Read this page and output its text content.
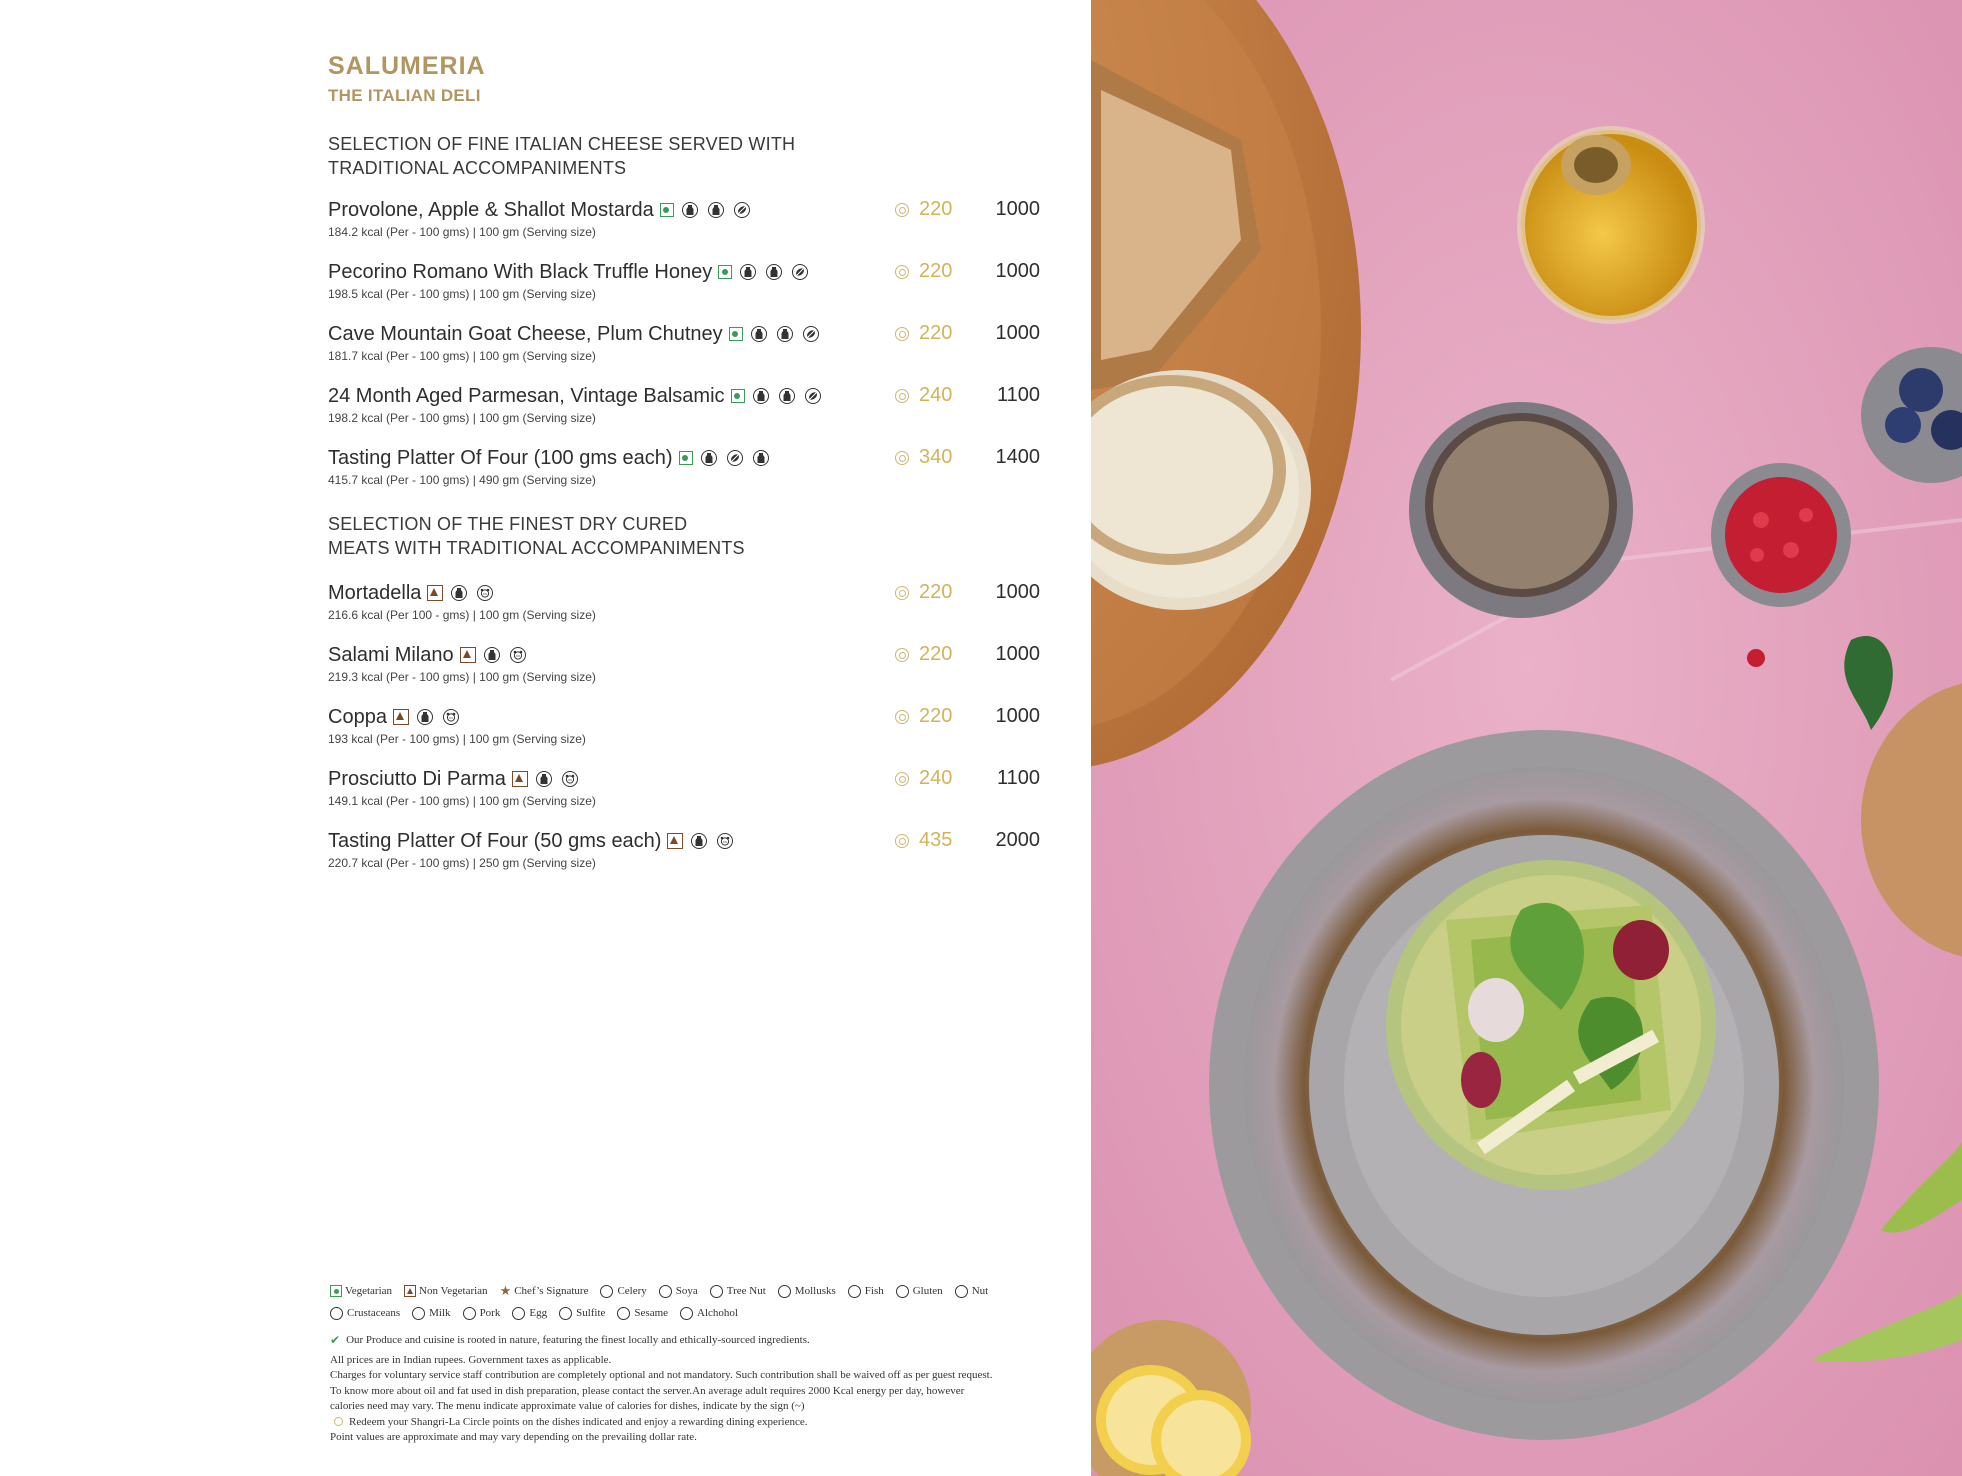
SALUMERIA
THE ITALIAN DELI
SELECTION OF FINE ITALIAN CHEESE SERVED WITH
TRADITIONAL ACCOMPANIMENTS
Provolone, Apple & Shallot Mostarda
184.2 kcal (Per - 100 gms) | 100 gm (Serving size)
220 1000
Pecorino Romano With Black Truffle Honey
198.5 kcal (Per - 100 gms) | 100 gm (Serving size)
220 1000
Cave Mountain Goat Cheese, Plum Chutney
181.7 kcal (Per - 100 gms) | 100 gm (Serving size)
220 1000
24 Month Aged Parmesan, Vintage Balsamic
198.2 kcal (Per - 100 gms) | 100 gm (Serving size)
240 1100
Tasting Platter Of Four (100 gms each)
415.7 kcal (Per - 100 gms) | 490 gm (Serving size)
340 1400
SELECTION OF THE FINEST DRY CURED
MEATS WITH TRADITIONAL ACCOMPANIMENTS
Mortadella
216.6 kcal (Per 100 - gms) | 100 gm (Serving size)
220 1000
Salami Milano
219.3 kcal (Per - 100 gms) | 100 gm (Serving size)
220 1000
Coppa
193 kcal (Per - 100 gms) | 100 gm (Serving size)
220 1000
Prosciutto Di Parma
149.1 kcal (Per - 100 gms) | 100 gm (Serving size)
240 1100
Tasting Platter Of Four (50 gms each)
220.7 kcal (Per - 100 gms) | 250 gm (Serving size)
435 2000
Vegetarian Non Vegetarian ★ Chef’s Signature	Celery	Soya	Tree Nut	Mollusks	Fish	Gluten	Nut
Crustaceans	Milk	Pork	Egg	Sulfite	Sesame	Alchohol

✔ Our Produce and cuisine is rooted in nature, featuring the finest locally and ethically-sourced ingredients.

All prices are in Indian rupees. Government taxes as applicable.

Charges for voluntary service staff contribution are completely optional and not mandatory. Such contribution shall be waived off as per guest request.

To know more about oil and fat used in dish preparation, please contact the server.An average adult requires 2000 Kcal energy per day, however

calories need may vary. The menu indicate approximate value of calories for dishes, indicate by the sign (~)

Redeem your Shangri-La Circle points on the dishes indicated and enjoy a rewarding dining experience.

Point values are approximate and may vary depending on the prevailing dollar rate.
